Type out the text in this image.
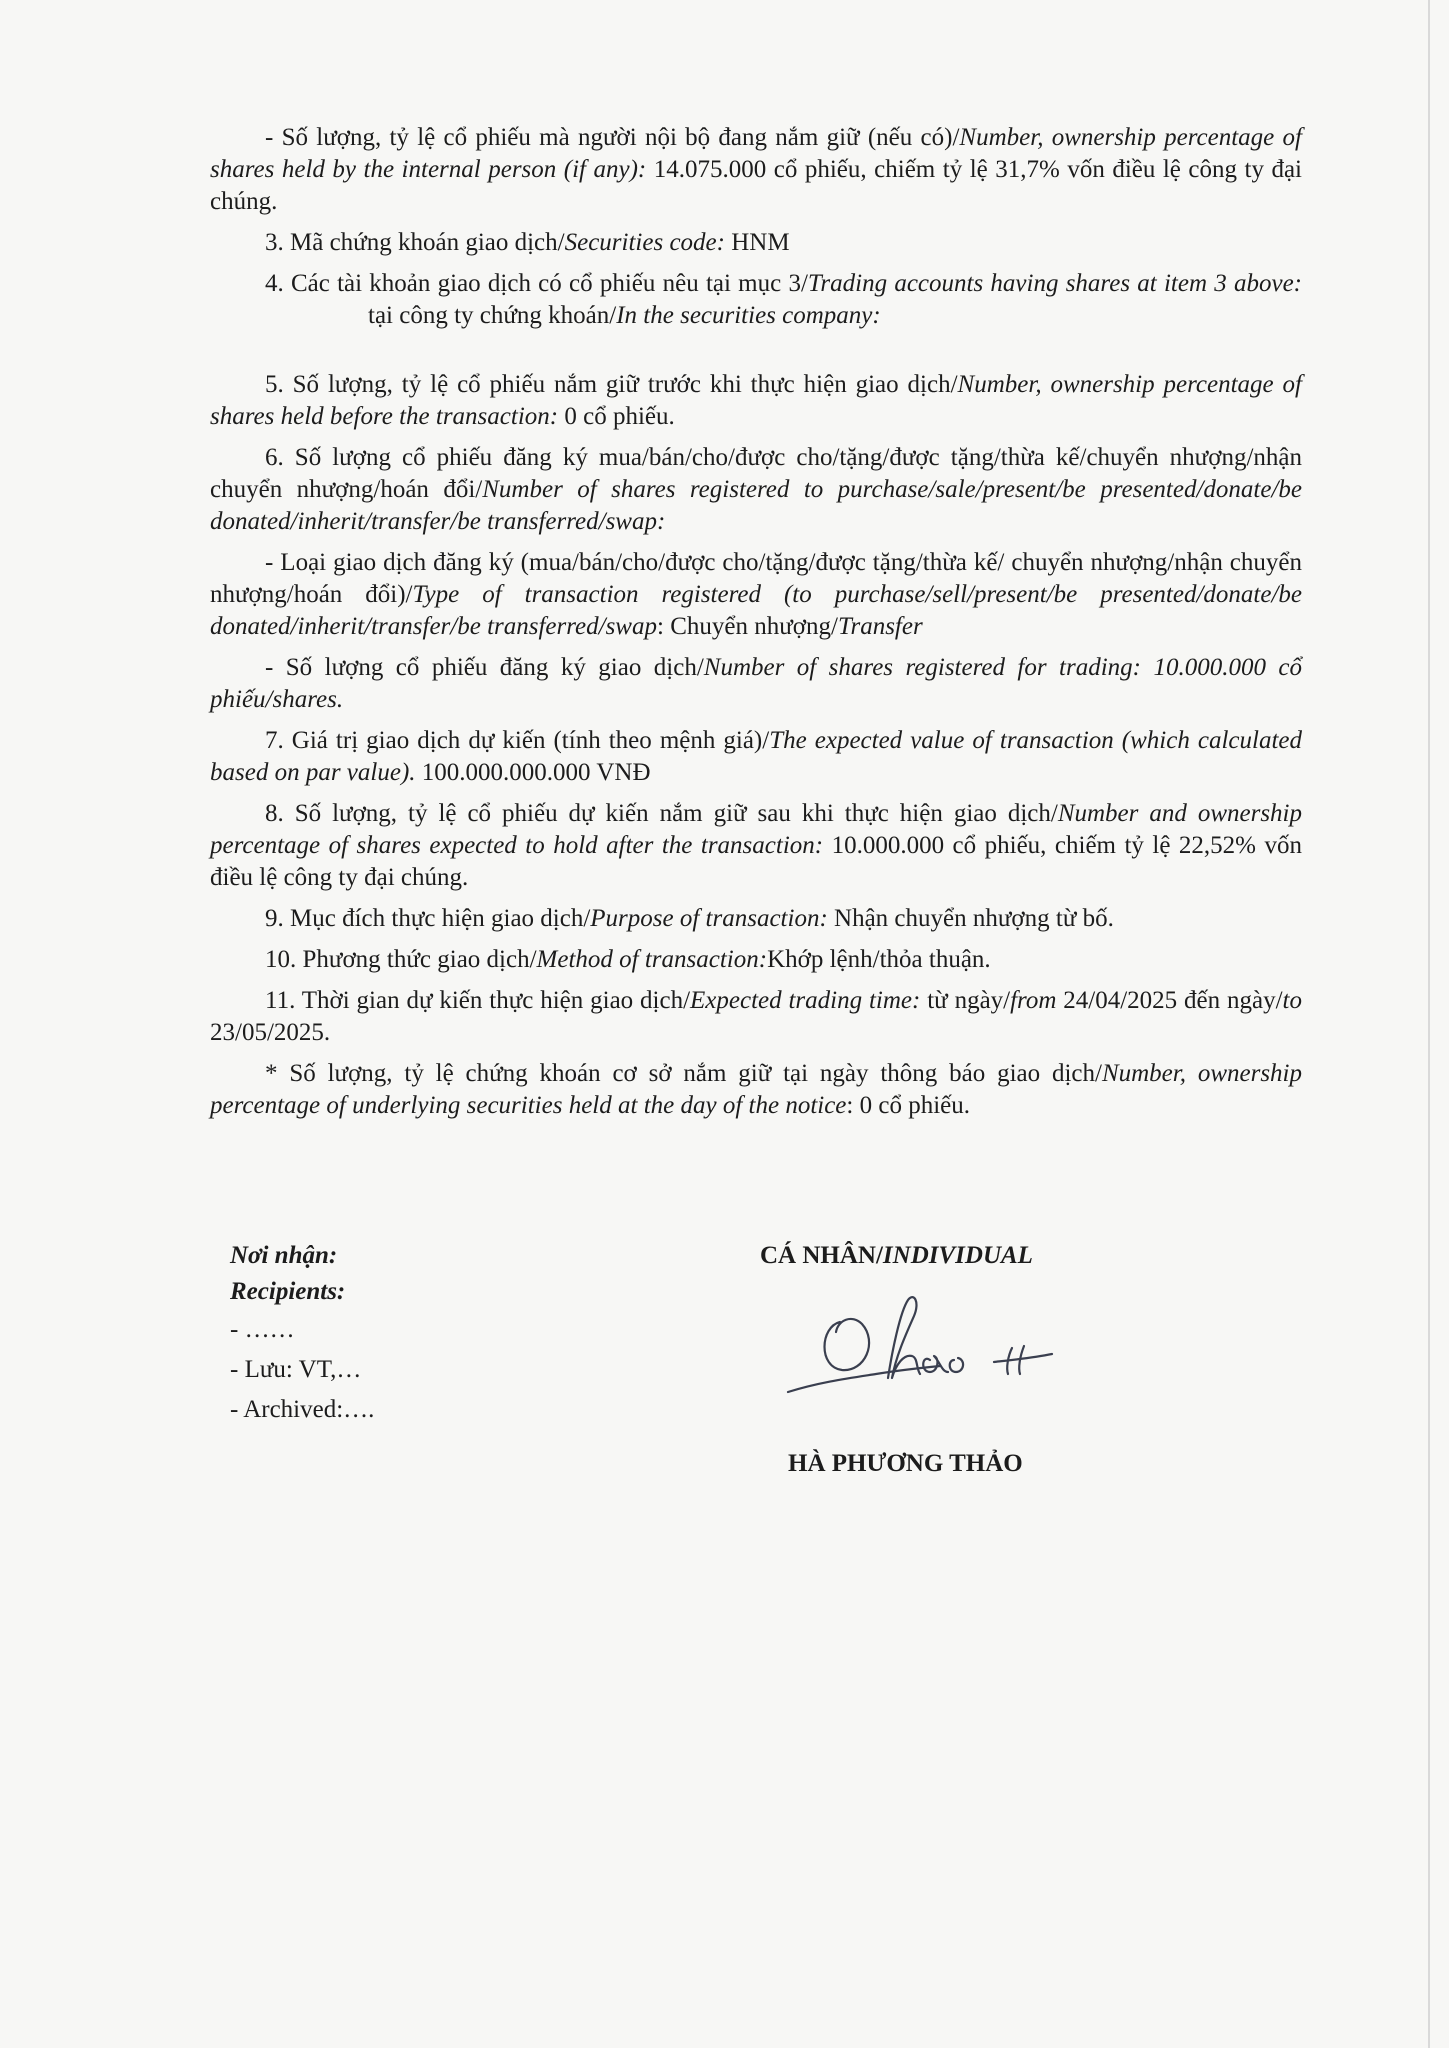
- Số lượng, tỷ lệ cổ phiếu mà người nội bộ đang nắm giữ (nếu có)/Number, ownership percentage of shares held by the internal person (if any): 14.075.000 cổ phiếu, chiếm tỷ lệ 31,7% vốn điều lệ công ty đại chúng.

3. Mã chứng khoán giao dịch/Securities code: HNM

4. Các tài khoản giao dịch có cổ phiếu nêu tại mục 3/Trading accounts having shares at item 3 above:tại công ty chứng khoán/In the securities company:

5. Số lượng, tỷ lệ cổ phiếu nắm giữ trước khi thực hiện giao dịch/Number, ownership percentage of shares held before the transaction: 0 cổ phiếu.

6. Số lượng cổ phiếu đăng ký mua/bán/cho/được cho/tặng/được tặng/thừa kế/chuyển nhượng/nhận chuyển nhượng/hoán đổi/Number of shares registered to purchase/sale/present/be presented/donate/be donated/inherit/transfer/be transferred/swap:

- Loại giao dịch đăng ký (mua/bán/cho/được cho/tặng/được tặng/thừa kế/ chuyển nhượng/nhận chuyển nhượng/hoán đổi)/Type of transaction registered (to purchase/sell/present/be presented/donate/be donated/inherit/transfer/be transferred/swap: Chuyển nhượng/Transfer

- Số lượng cổ phiếu đăng ký giao dịch/Number of shares registered for trading: 10.000.000 cổ phiếu/shares.

7. Giá trị giao dịch dự kiến (tính theo mệnh giá)/The expected value of transaction (which calculated based on par value). 100.000.000.000 VNĐ

8. Số lượng, tỷ lệ cổ phiếu dự kiến nắm giữ sau khi thực hiện giao dịch/Number and ownership percentage of shares expected to hold after the transaction: 10.000.000 cổ phiếu, chiếm tỷ lệ 22,52% vốn điều lệ công ty đại chúng.

9. Mục đích thực hiện giao dịch/Purpose of transaction: Nhận chuyển nhượng từ bố.

10. Phương thức giao dịch/Method of transaction:Khớp lệnh/thỏa thuận.

11. Thời gian dự kiến thực hiện giao dịch/Expected trading time: từ ngày/from 24/04/2025 đến ngày/to 23/05/2025.

* Số lượng, tỷ lệ chứng khoán cơ sở nắm giữ tại ngày thông báo giao dịch/Number, ownership percentage of underlying securities held at the day of the notice: 0 cổ phiếu.

Nơi nhận:

Recipients:

- ……

- Lưu: VT,…

- Archived:….

CÁ NHÂN/INDIVIDUAL

HÀ PHƯƠNG THẢO
